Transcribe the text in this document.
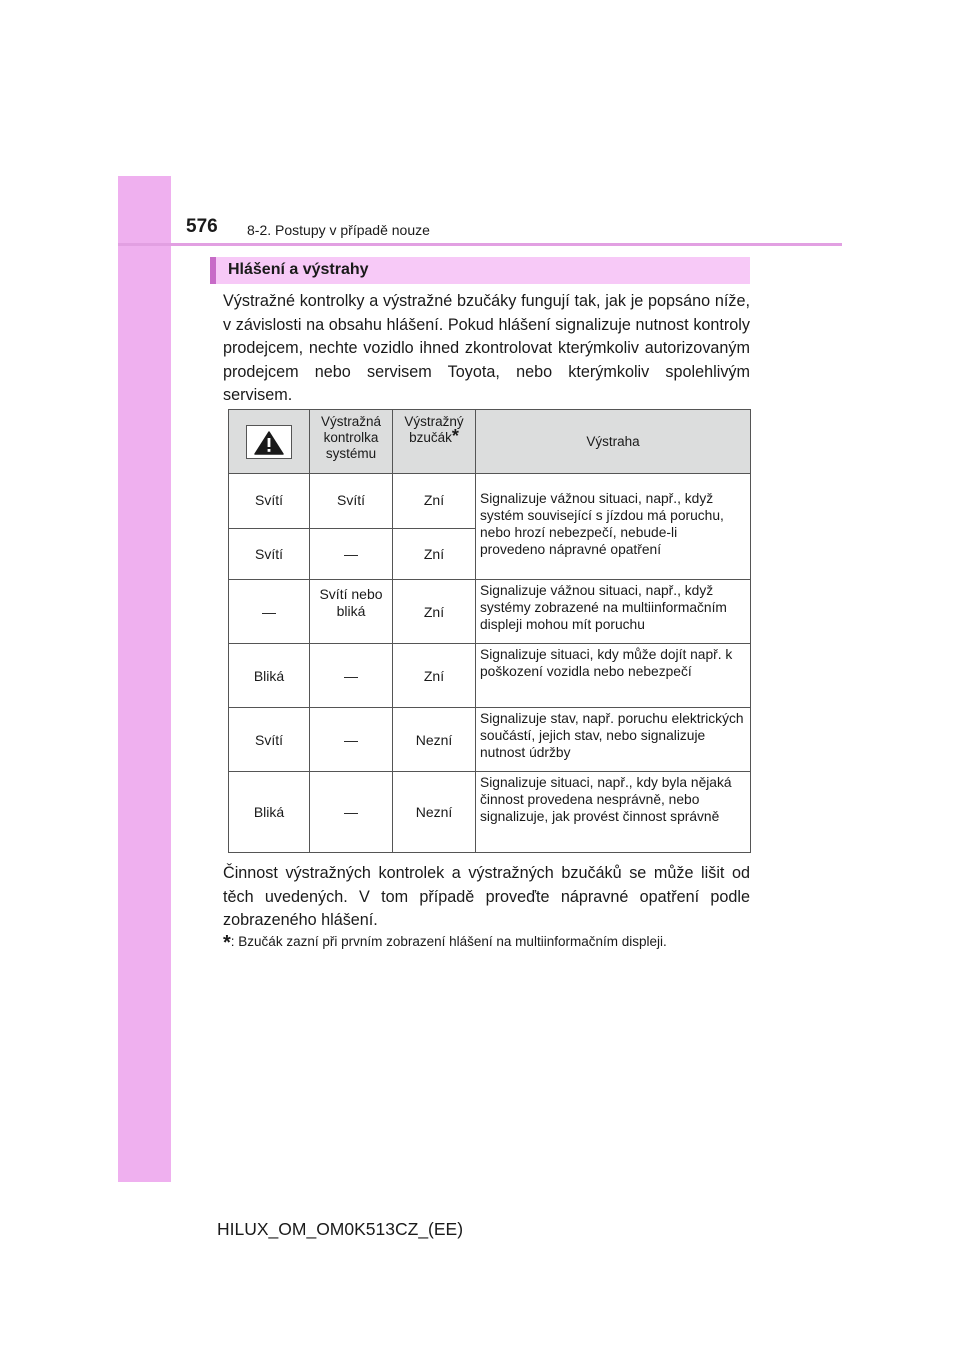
576 8-2. Postupy v případě nouze
Hlášení a výstrahy

Výstražné kontrolky a výstražné bzučáky fungují tak, jak je popsáno níže, v závislosti na obsahu hlášení. Pokud hlášení signalizuje nutnost kontroly prodejcem, nechte vozidlo ihned zkontrolovat kterýmkoliv autorizovaným prodejcem nebo servisem Toyota, nebo kterýmkoliv spolehlivým servisem.

	Výstražná kontrolka systému	Výstražný bzučák*	Výstraha
Svítí	Svítí	Zní	Signalizuje vážnou situaci, např., když systém související s jízdou má poruchu, nebo hrozí nebezpečí, nebude-li provedeno nápravné opatření
Svítí	—	Zní	
—	Svítí nebo bliká	Zní	Signalizuje vážnou situaci, např., když systémy zobrazené na multiinformačním displeji mohou mít poruchu
Bliká	—	Zní	Signalizuje situaci, kdy může dojít např. k poškození vozidla nebo nebezpečí
Svítí	—	Nezní	Signalizuje stav, např. poruchu elektrických součástí, jejich stav, nebo signalizuje nutnost údržby
Bliká	—	Nezní	Signalizuje situaci, např., kdy byla nějaká činnost provedena nesprávně, nebo signalizuje, jak provést činnost správně

Činnost výstražných kontrolek a výstražných bzučáků se může lišit od těch uvedených. V tom případě proveďte nápravné opatření podle zobrazeného hlášení.

*: Bzučák zazní při prvním zobrazení hlášení na multiinformačním displeji.
HILUX_OM_OM0K513CZ_(EE)
